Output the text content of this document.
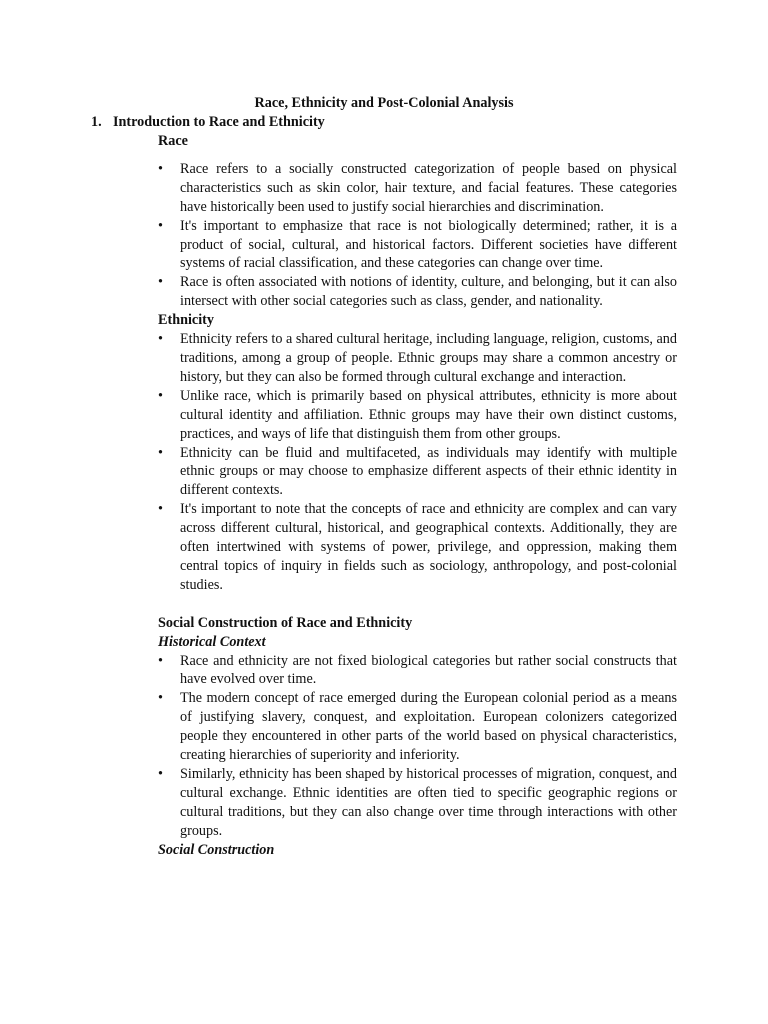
Race, Ethnicity and Post-Colonial Analysis

1. Introduction to Race and Ethnicity

Race

•	Race refers to a socially constructed categorization of people based on physical characteristics such as skin color, hair texture, and facial features. These categories have historically been used to justify social hierarchies and discrimination.
•	It's important to emphasize that race is not biologically determined; rather, it is a product of social, cultural, and historical factors. Different societies have different systems of racial classification, and these categories can change over time.
•	Race is often associated with notions of identity, culture, and belonging, but it can also intersect with other social categories such as class, gender, and nationality.

Ethnicity

•	Ethnicity refers to a shared cultural heritage, including language, religion, customs, and traditions, among a group of people. Ethnic groups may share a common ancestry or history, but they can also be formed through cultural exchange and interaction.
•	Unlike race, which is primarily based on physical attributes, ethnicity is more about cultural identity and affiliation. Ethnic groups may have their own distinct customs, practices, and ways of life that distinguish them from other groups.
•	Ethnicity can be fluid and multifaceted, as individuals may identify with multiple ethnic groups or may choose to emphasize different aspects of their ethnic identity in different contexts.
•	It's important to note that the concepts of race and ethnicity are complex and can vary across different cultural, historical, and geographical contexts. Additionally, they are often intertwined with systems of power, privilege, and oppression, making them central topics of inquiry in fields such as sociology, anthropology, and post-colonial studies.

Social Construction of Race and Ethnicity

Historical Context

•	Race and ethnicity are not fixed biological categories but rather social constructs that have evolved over time.
•	The modern concept of race emerged during the European colonial period as a means of justifying slavery, conquest, and exploitation. European colonizers categorized people they encountered in other parts of the world based on physical characteristics, creating hierarchies of superiority and inferiority.
•	Similarly, ethnicity has been shaped by historical processes of migration, conquest, and cultural exchange. Ethnic identities are often tied to specific geographic regions or cultural traditions, but they can also change over time through interactions with other groups.

Social Construction
